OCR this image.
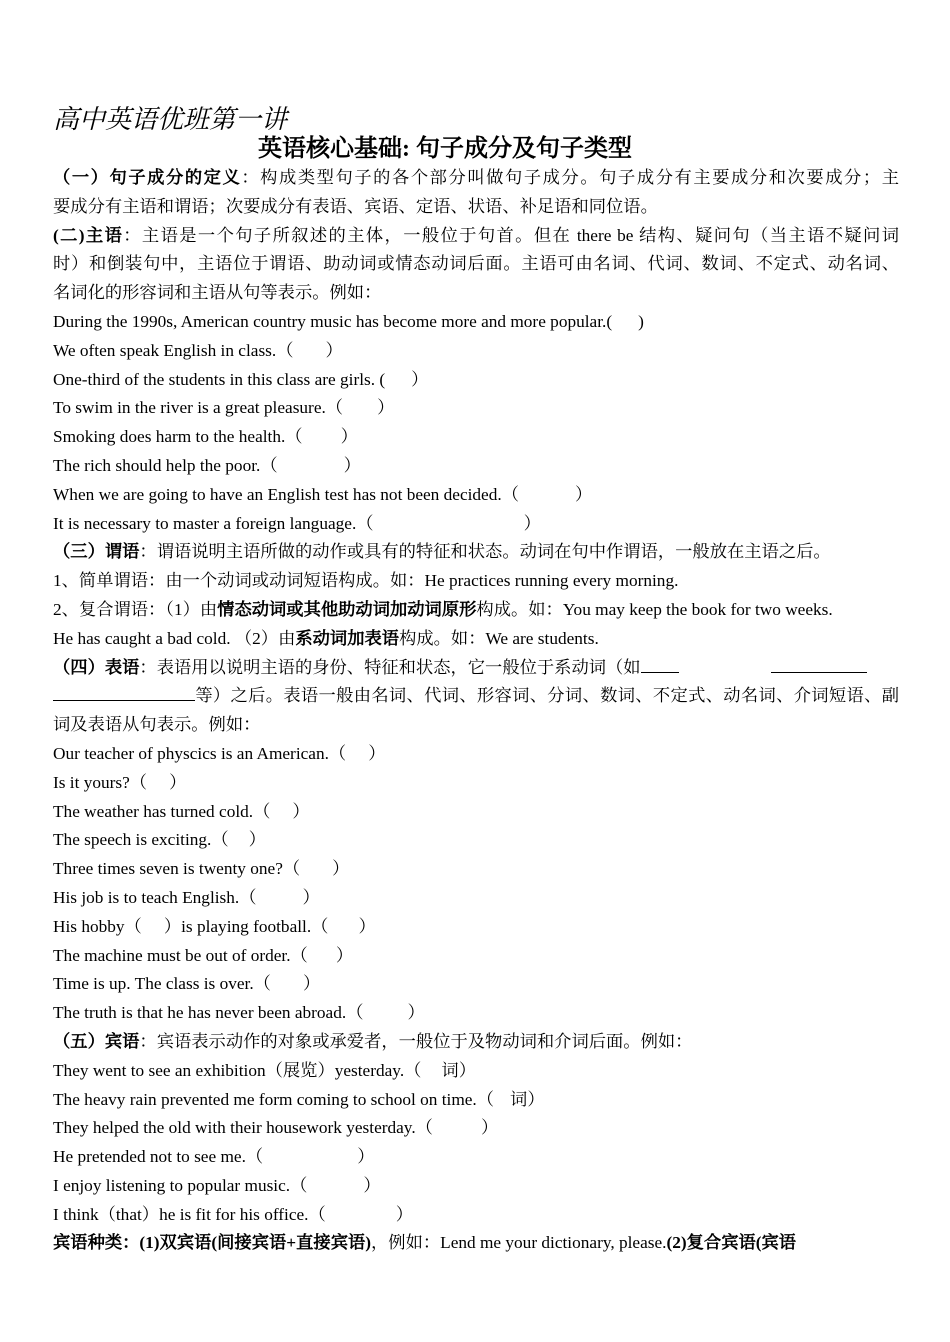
高中英语优班第一讲
英语核心基础: 句子成分及句子类型
（一）句子成分的定义：构成类型句子的各个部分叫做句子成分。句子成分有主要成分和次要成分；主
要成分有主语和谓语；次要成分有表语、宾语、定语、状语、补足语和同位语。
(二)主语：主语是一个句子所叙述的主体，一般位于句首。但在 there be 结构、疑问句（当主语不疑问词
时）和倒装句中，主语位于谓语、助动词或情态动词后面。主语可由名词、代词、数词、不定式、动名词、
名词化的形容词和主语从句等表示。例如：
During the 1990s, American country music has become more and more popular.( )
We often speak English in class.（ ）
One-third of the students in this class are girls. ( ）
To swim in the river is a great pleasure.（ ）
Smoking does harm to the health.（ ）
The rich should help the poor.（	）
When we are going to have an English test has not been decided.（	）
It is necessary to master a foreign language.（	）
（三）谓语：谓语说明主语所做的动作或具有的特征和状态。动词在句中作谓语，一般放在主语之后。
1、简单谓语：由一个动词或动词短语构成。如：He practices running every morning.
2、复合谓语：（1）由情态动词或其他助动词加动词原形构成。如：You may keep the book for two weeks.
He has caught a bad cold. （2）由系动词加表语构成。如：We are students.
（四）表语：表语用以说明主语的身份、特征和状态，它一般位于系动词（如
等）之后。表语一般由名词、代词、形容词、分词、数词、不定式、动名词、介词短语、副
词及表语从句表示。例如：
Our teacher of physcics is an American.（ ）
Is it yours?（ ）
The weather has turned cold.（ ）
The speech is exciting.（ ）
Three times seven is twenty one?（ ）
His job is to teach English.（	）
His hobby（ ）is playing football.（ ）
The machine must be out of order.（ ）
Time is up. The class is over.（ ）
The truth is that he has never been abroad.（	）
（五）宾语：宾语表示动作的对象或承爱者，一般位于及物动词和介词后面。例如：
They went to see an exhibition（展览）yesterday.（ 词）
The heavy rain prevented me form coming to school on time.（ 词）
They helped the old with their housework yesterday.（	）
He pretended not to see me.（	）
I enjoy listening to popular music.（	）
I think（that）he is fit for his office.（	）
宾语种类：(1)双宾语(间接宾语+直接宾语)，例如：Lend me your dictionary, please.(2)复合宾语(宾语
